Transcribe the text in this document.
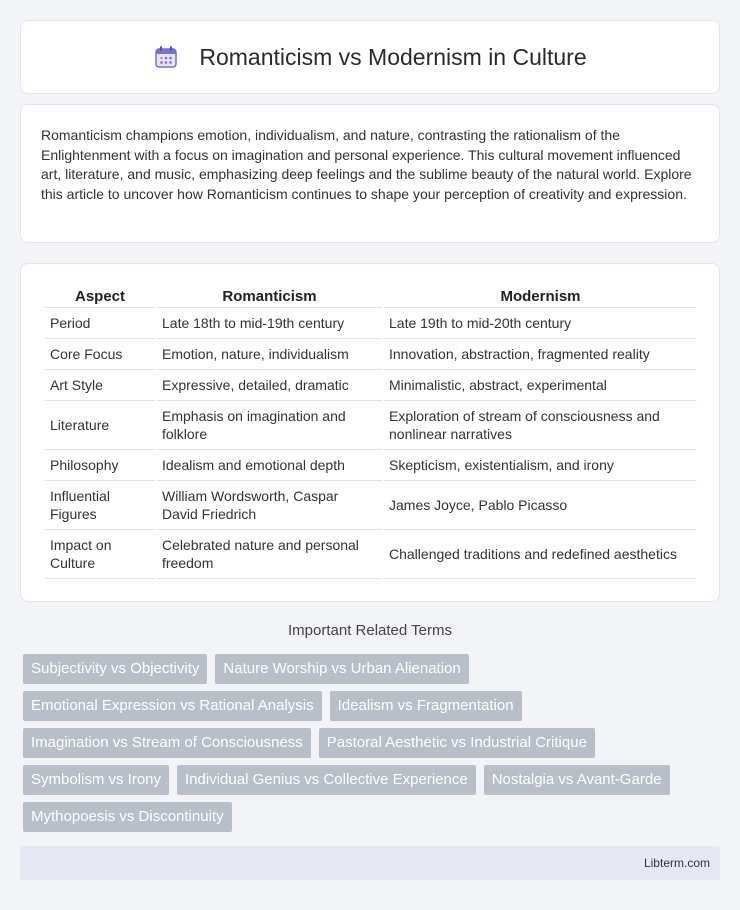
Romanticism vs Modernism in Culture

Romanticism champions emotion, individualism, and nature, contrasting the rationalism of the Enlightenment with a focus on imagination and personal experience. This cultural movement influenced art, literature, and music, emphasizing deep feelings and the sublime beauty of the natural world. Explore this article to uncover how Romanticism continues to shape your perception of creativity and expression.

Aspect	Romanticism	Modernism
Period	Late 18th to mid-19th century	Late 19th to mid-20th century
Core Focus	Emotion, nature, individualism	Innovation, abstraction, fragmented reality
Art Style	Expressive, detailed, dramatic	Minimalistic, abstract, experimental
Literature	Emphasis on imagination and folklore	Exploration of stream of consciousness and nonlinear narratives
Philosophy	Idealism and emotional depth	Skepticism, existentialism, and irony
Influential Figures	William Wordsworth, Caspar David Friedrich	James Joyce, Pablo Picasso
Impact on Culture	Celebrated nature and personal freedom	Challenged traditions and redefined aesthetics
Important Related Terms
Subjectivity vs Objectivity	Nature Worship vs Urban Alienation
Emotional Expression vs Rational Analysis	Idealism vs Fragmentation
Imagination vs Stream of Consciousness	Pastoral Aesthetic vs Industrial Critique
Symbolism vs Irony	Individual Genius vs Collective Experience	Nostalgia vs Avant-Garde
Mythopoesis vs Discontinuity
Libterm.com
